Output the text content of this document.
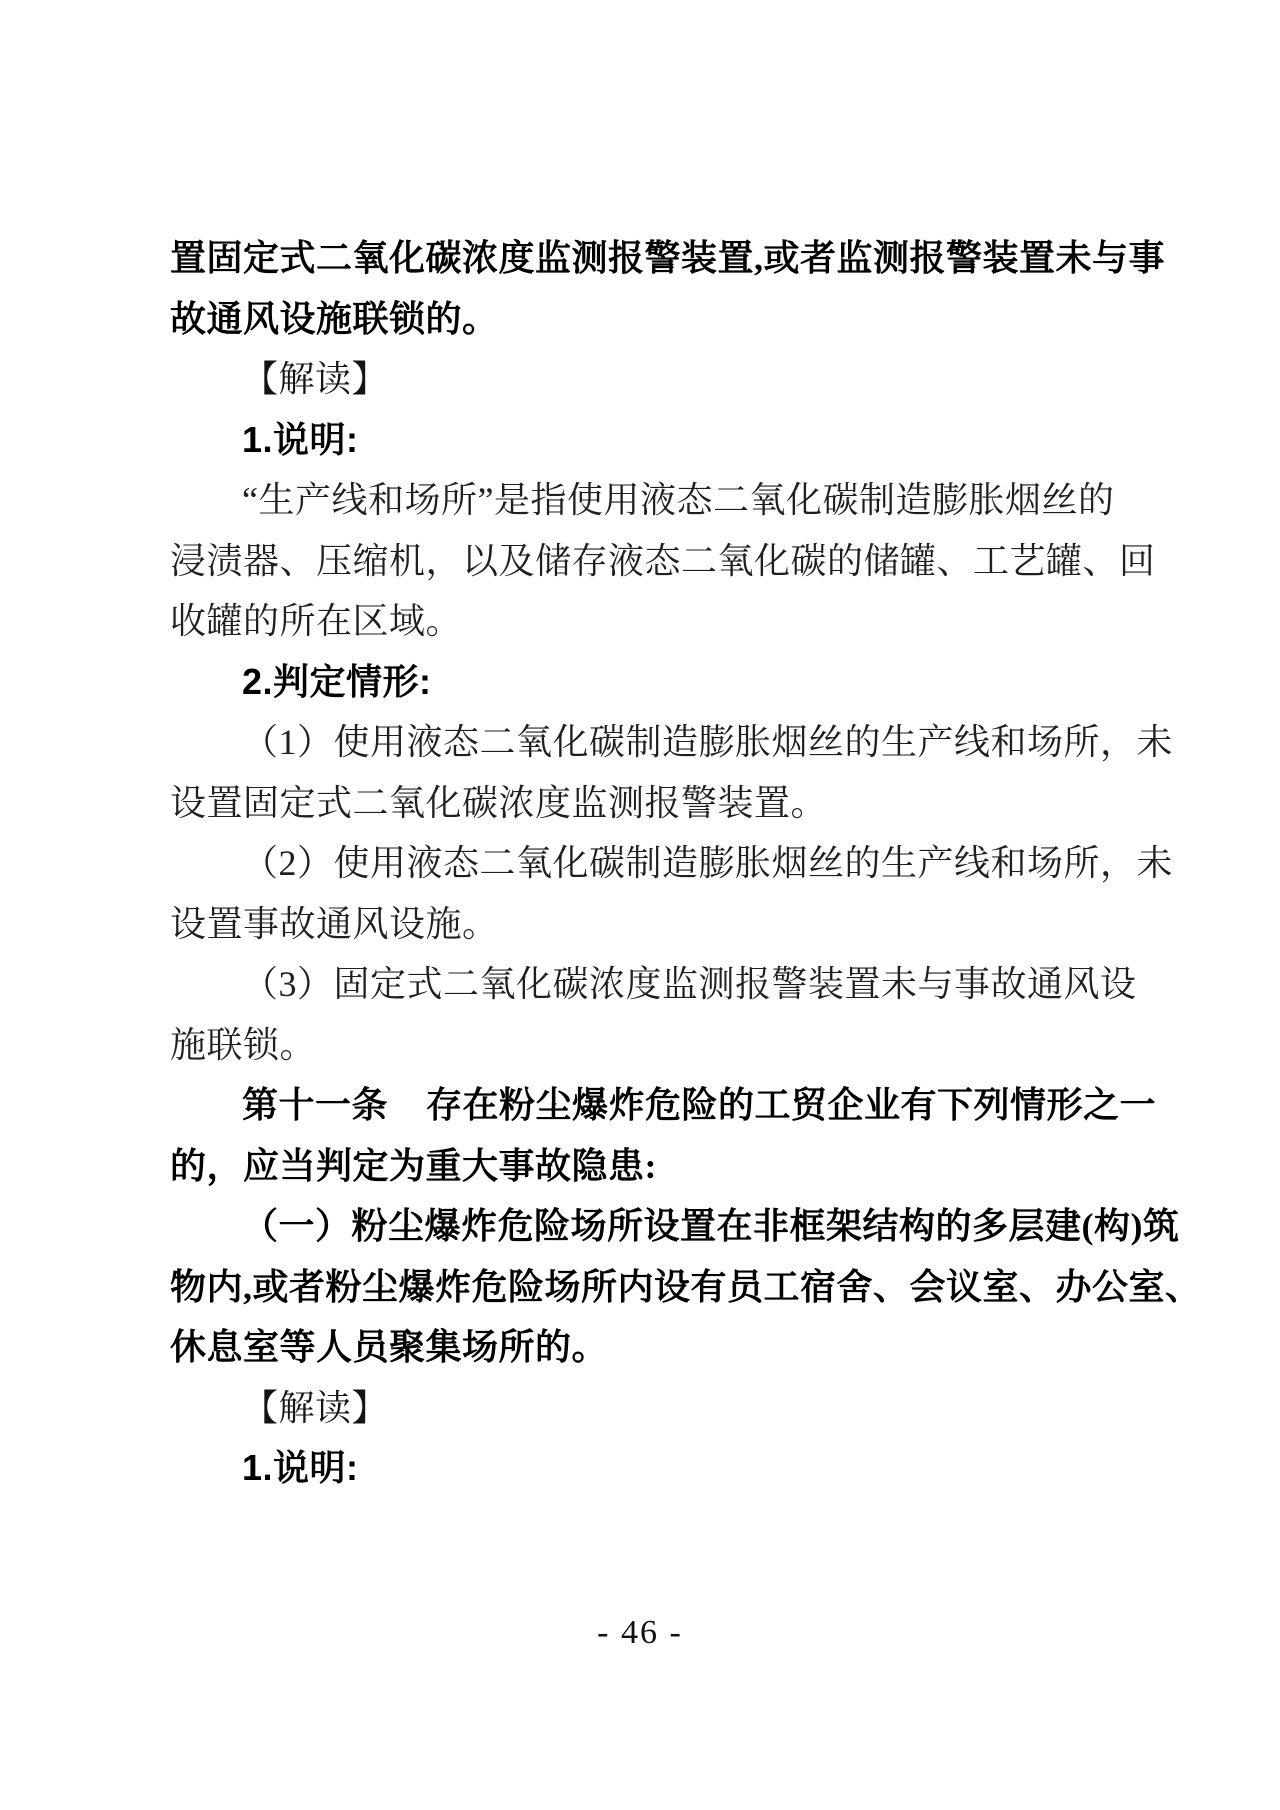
置固定式二氧化碳浓度监测报警装置,或者监测报警装置未与事
故通风设施联锁的。
【解读】
1.说明:
“生产线和场所”是指使用液态二氧化碳制造膨胀烟丝的
浸渍器、压缩机，以及储存液态二氧化碳的储罐、工艺罐、回
收罐的所在区域。
2.判定情形:
（1）使用液态二氧化碳制造膨胀烟丝的生产线和场所，未
设置固定式二氧化碳浓度监测报警装置。
（2）使用液态二氧化碳制造膨胀烟丝的生产线和场所，未
设置事故通风设施。
（3）固定式二氧化碳浓度监测报警装置未与事故通风设
施联锁。
第十一条 存在粉尘爆炸危险的工贸企业有下列情形之一
的，应当判定为重大事故隐患:
（一）粉尘爆炸危险场所设置在非框架结构的多层建(构)筑
物内,或者粉尘爆炸危险场所内设有员工宿舍、会议室、办公室、
休息室等人员聚集场所的。
【解读】
1.说明:
- 46 -
